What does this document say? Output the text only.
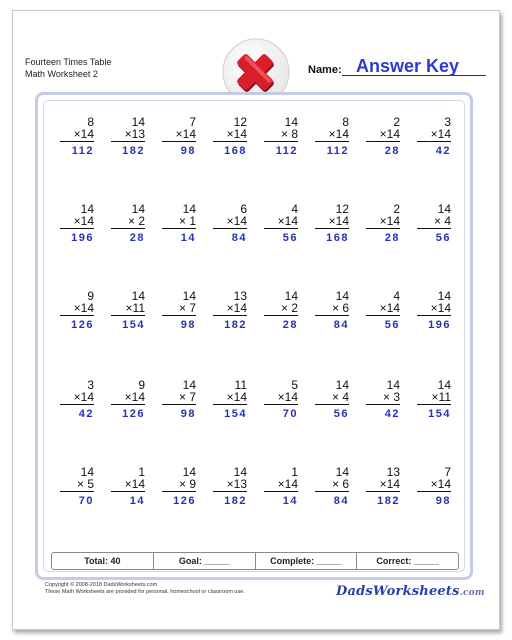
Fourteen Times Table
Math Worksheet 2	Name: Answer Key
8
×14
112
14
×13
182
7
×14
98
12
×14
168
14
× 8
112
8
×14
112
2
×14
28
3
×14
42
14
×14
196
14
× 2
28
14
× 1
14
6
×14
84
4
×14
56
12
×14
168
2
×14
28
14
× 4
56
9
×14
126
14
×11
154
14
× 7
98
13
×14
182
14
× 2
28
14
× 6
84
4
×14
56
14
×14
196
3
×14
42
9
×14
126
14
× 7
98
11
×14
154
5
×14
70
14
× 4
56
14
× 3
42
14
×11
154
14
× 5
70
1
×14
14
14
× 9
126
14
×13
182
1
×14
14
14
× 6
84
13
×14
182
7
×14
98
Total: 40	Goal: _____	Complete: _____	Correct: _____
Copyright © 2008-2018 DadsWorksheets.com
These Math Worksheets are provided for personal, homeschool or classroom use.	DadsWorksheets.com
